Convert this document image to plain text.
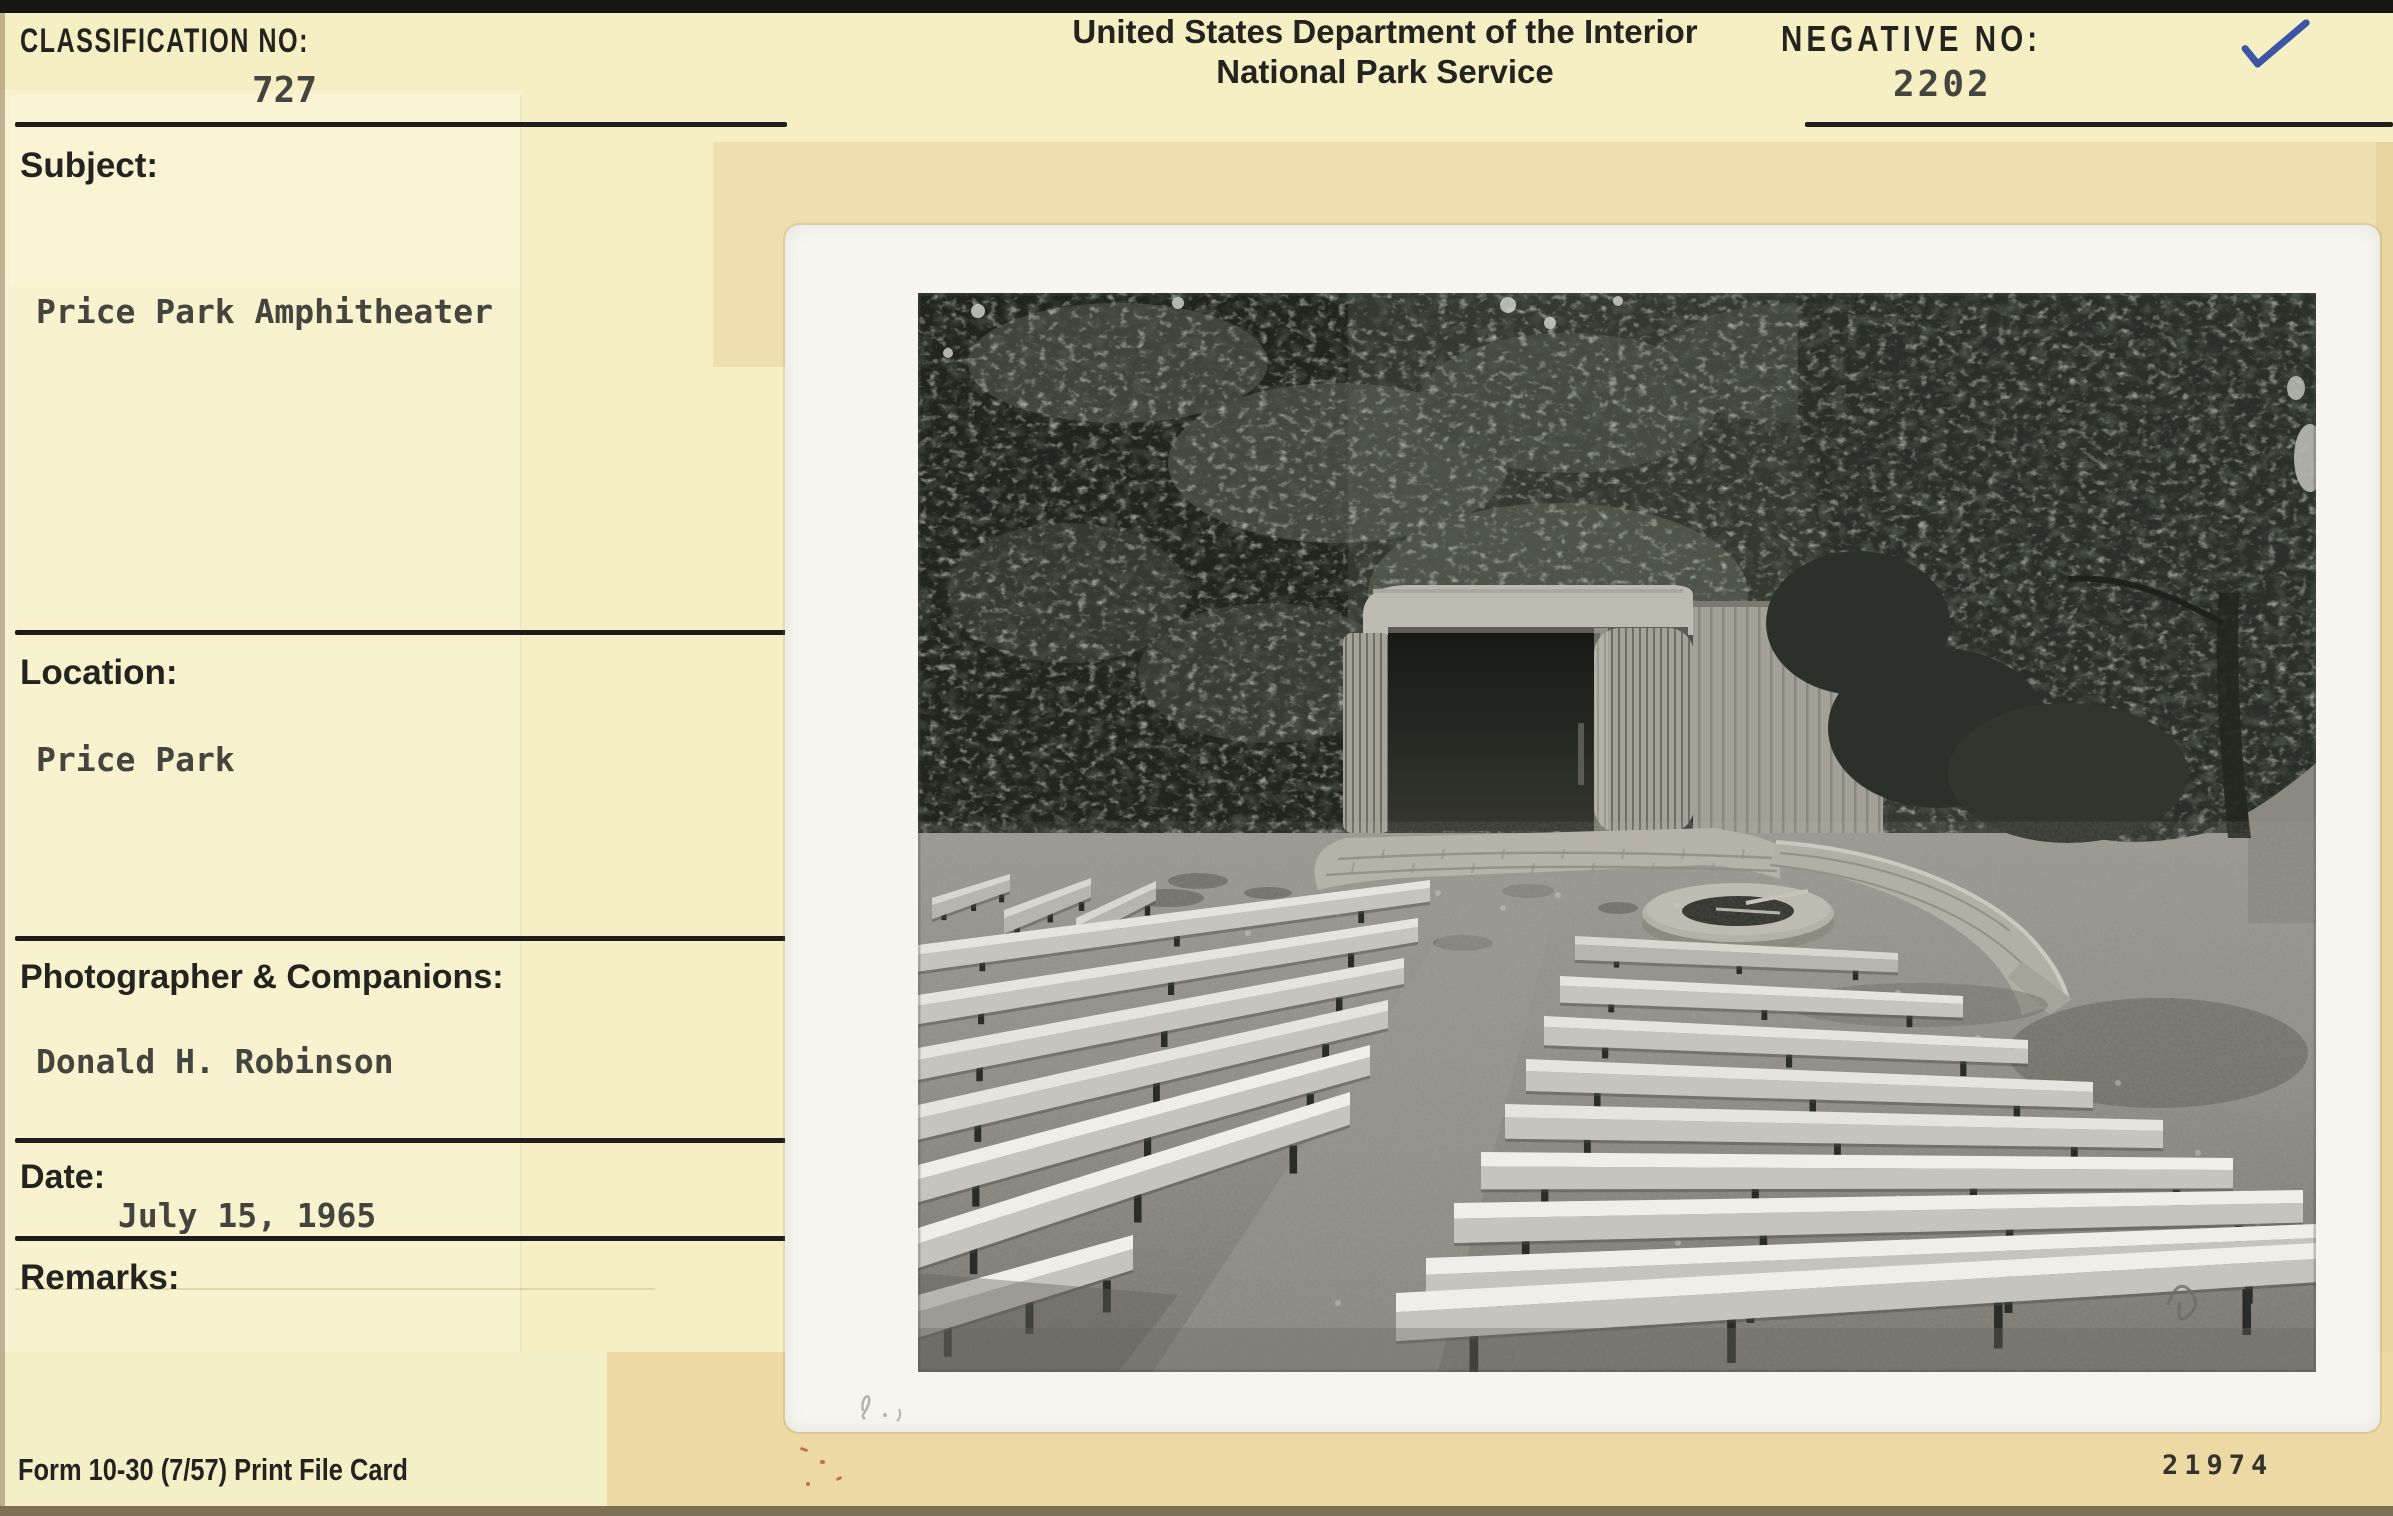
CLASSIFICATION NO:
727
United States Department of the Interior
National Park Service
NEGATIVE NO:
2202
Subject:
Price Park Amphitheater
Location:
Price Park
Photographer & Companions:
Donald H. Robinson
Date:
July 15, 1965
Remarks:
Form 10-30 (7/57) Print File Card	21974
